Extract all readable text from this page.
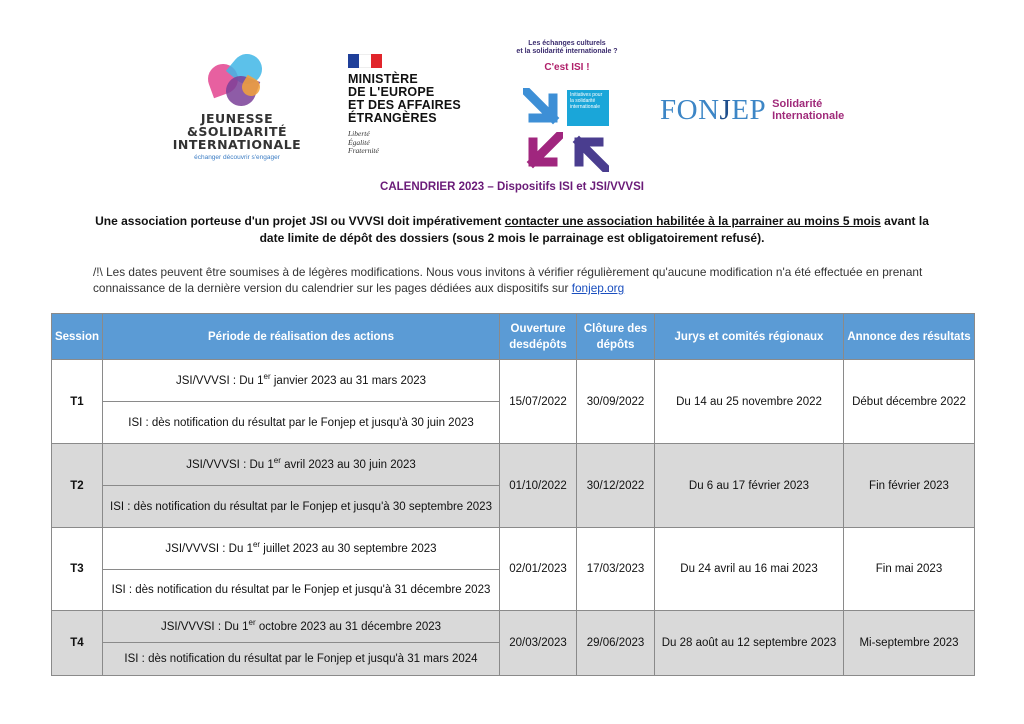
JEUNESSE
&SOLIDARITÉ
INTERNATIONALE
échanger découvrir s'engager
MINISTÈRE
DE L'EUROPE
ET DES AFFAIRES
ÉTRANGÈRES
Liberté
Égalité
Fraternité
Les échanges culturels
et la solidarité internationale ?
C'est ISI !
Initiatives pour la solidarité internationale	FONJEP Solidarité
Internationale
CALENDRIER 2023 – Dispositifs ISI et JSI/VVVSI
Une association porteuse d'un projet JSI ou VVVSI doit impérativement contacter une association habilitée à la parrainer au moins 5 mois avant la date limite de dépôt des dossiers (sous 2 mois le parrainage est obligatoirement refusé).
/!\ Les dates peuvent être soumises à de légères modifications. Nous vous invitons à vérifier régulièrement qu'aucune modification n'a été effectuée en prenant connaissance de la dernière version du calendrier sur les pages dédiées aux dispositifs sur fonjep.org
Session	Période de réalisation des actions	Ouverture desdépôts	Clôture des dépôts	Jurys et comités régionaux	Annonce des résultats
T1	JSI/VVVSI : Du 1er janvier 2023 au 31 mars 2023	15/07/2022	30/09/2022	Du 14 au 25 novembre 2022	Début décembre 2022
	ISI : dès notification du résultat par le Fonjep et jusqu'à 30 juin 2023				
T2	JSI/VVVSI : Du 1er avril 2023 au 30 juin 2023	01/10/2022	30/12/2022	Du 6 au 17 février 2023	Fin février 2023
	ISI : dès notification du résultat par le Fonjep et jusqu'à 30 septembre 2023				
T3	JSI/VVVSI : Du 1er juillet 2023 au 30 septembre 2023	02/01/2023	17/03/2023	Du 24 avril au 16 mai 2023	Fin mai 2023
	ISI : dès notification du résultat par le Fonjep et jusqu'à 31 décembre 2023				
T4	JSI/VVVSI : Du 1er octobre 2023 au 31 décembre 2023	20/03/2023	29/06/2023	Du 28 août au 12 septembre 2023	Mi-septembre 2023
	ISI : dès notification du résultat par le Fonjep et jusqu'à 31 mars 2024				
